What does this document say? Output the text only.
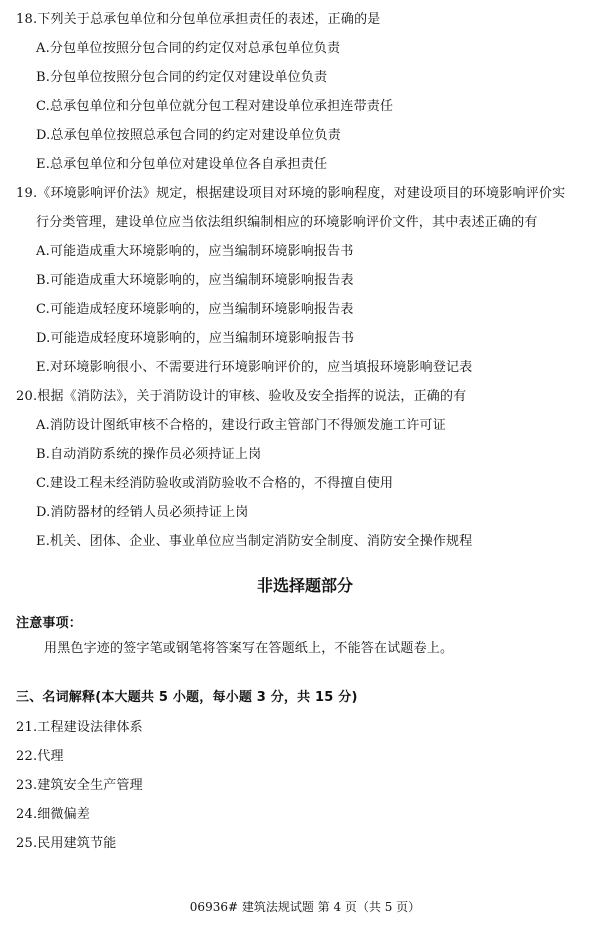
18.下列关于总承包单位和分包单位承担责任的表述，正确的是
A.分包单位按照分包合同的约定仅对总承包单位负责
B.分包单位按照分包合同的约定仅对建设单位负责
C.总承包单位和分包单位就分包工程对建设单位承担连带责任
D.总承包单位按照总承包合同的约定对建设单位负责
E.总承包单位和分包单位对建设单位各自承担责任
19.《环境影响评价法》规定，根据建设项目对环境的影响程度，对建设项目的环境影响评价实
行分类管理，建设单位应当依法组织编制相应的环境影响评价文件，其中表述正确的有
A.可能造成重大环境影响的，应当编制环境影响报告书
B.可能造成重大环境影响的，应当编制环境影响报告表
C.可能造成轻度环境影响的，应当编制环境影响报告表
D.可能造成轻度环境影响的，应当编制环境影响报告书
E.对环境影响很小、不需要进行环境影响评价的，应当填报环境影响登记表
20.根据《消防法》，关于消防设计的审核、验收及安全指挥的说法，正确的有
A.消防设计图纸审核不合格的，建设行政主管部门不得颁发施工许可证
B.自动消防系统的操作员必须持证上岗
C.建设工程未经消防验收或消防验收不合格的，不得擅自使用
D.消防器材的经销人员必须持证上岗
E.机关、团体、企业、事业单位应当制定消防安全制度、消防安全操作规程
非选择题部分
注意事项：
用黑色字迹的签字笔或钢笔将答案写在答题纸上，不能答在试题卷上。
三、名词解释(本大题共 5 小题，每小题 3 分，共 15 分)
21.工程建设法律体系
22.代理
23.建筑安全生产管理
24.细微偏差
25.民用建筑节能
06936# 建筑法规试题 第 4 页（共 5 页）
